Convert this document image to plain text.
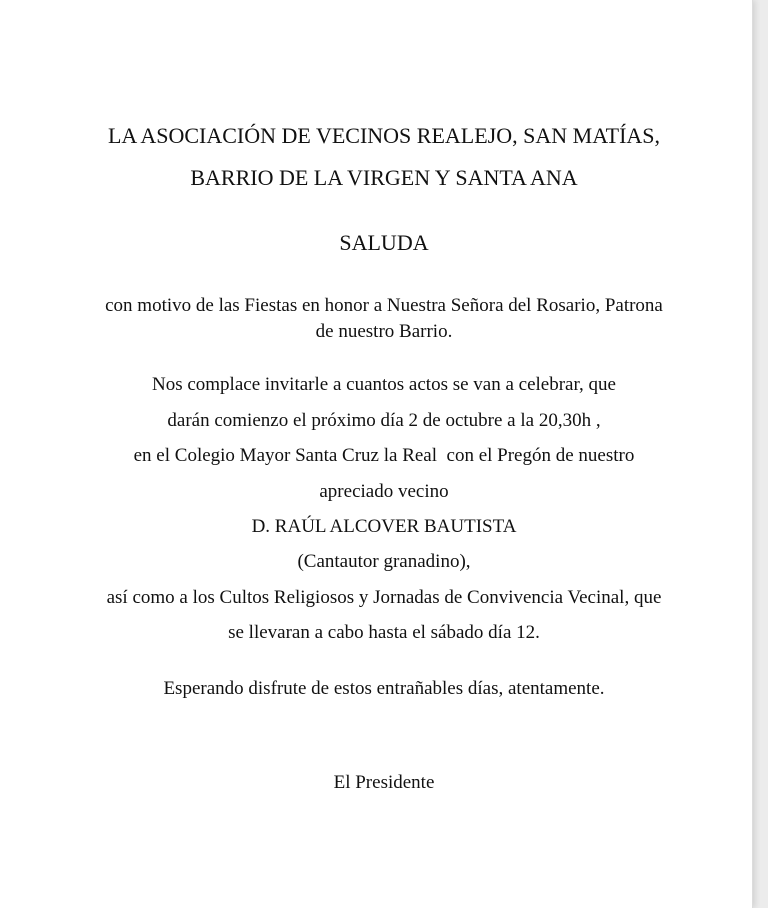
LA ASOCIACIÓN DE VECINOS REALEJO, SAN MATÍAS,
BARRIO DE LA VIRGEN Y SANTA ANA
SALUDA
con motivo de las Fiestas en honor a Nuestra Señora del Rosario, Patrona
de nuestro Barrio.
Nos complace invitarle a cuantos actos se van a celebrar, que
darán comienzo el próximo día 2 de octubre a la 20,30h ,
en el Colegio Mayor Santa Cruz la Real  con el Pregón de nuestro
apreciado vecino
D. RAÚL ALCOVER BAUTISTA
(Cantautor granadino),
así como a los Cultos Religiosos y Jornadas de Convivencia Vecinal, que
se llevaran a cabo hasta el sábado día 12.
Esperando disfrute de estos entrañables días, atentamente.
El Presidente
